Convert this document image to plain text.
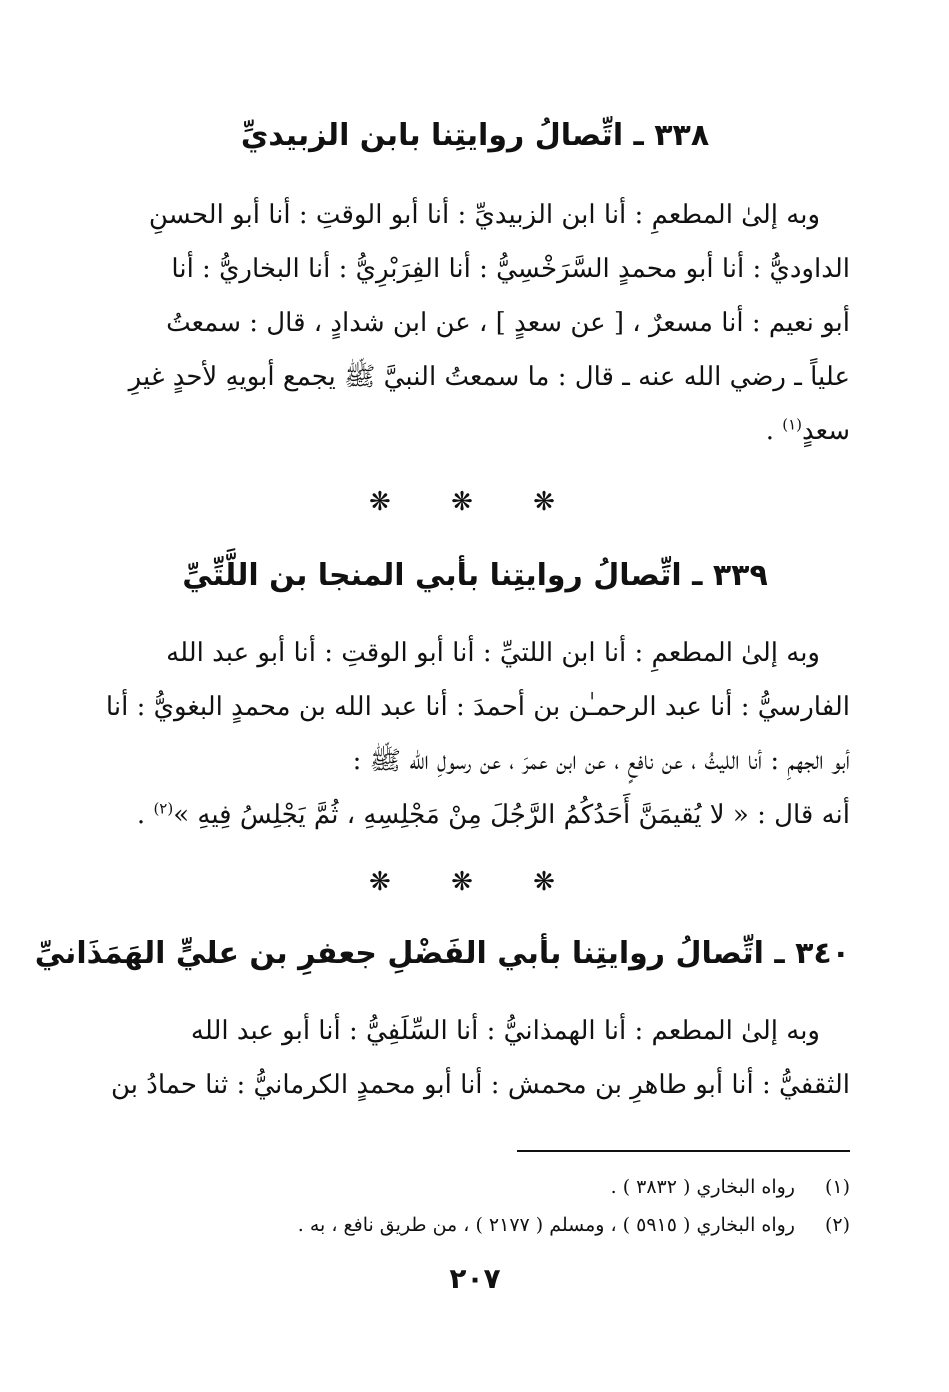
٣٣٨ ـ اتِّصالُ روايتِنا بابن الزبيديِّ
وبه إلىٰ المطعمِ : أنا ابن الزبيديِّ : أنا أبو الوقتِ : أنا أبو الحسنِ
الداوديُّ : أنا أبو محمدٍ السَّرَخْسِيُّ : أنا الفِرَبْرِيُّ : أنا البخاريُّ : أنا
أبو نعيم : أنا مسعرٌ ، [ عن سعدٍ ] ، عن ابن شدادٍ ، قال : سمعتُ
علياً ـ رضي الله عنه ـ قال : ما سمعتُ النبيَّ ﷺ يجمع أبويهِ لأحدٍ غيرِ
سعدٍ$^{(١)}$ .
❋ ❋ ❋
٣٣٩ ـ اتِّصالُ روايتِنا بأبي المنجا بن اللَّتِّيِّ
وبه إلىٰ المطعمِ : أنا ابن اللتيِّ : أنا أبو الوقتِ : أنا أبو عبد الله
الفارسيُّ : أنا عبد الرحمـٰن بن أحمدَ : أنا عبد الله بن محمدٍ البغويُّ : أنا
أبو الجهمِ : أنا الليثُ ، عن نافعٍ ، عن ابن عمرَ ، عن رسولِ الله ﷺ :
أنه قال : « لا يُقيمَنَّ أَحَدُكُمُ الرَّجُلَ مِنْ مَجْلِسِهِ ، ثُمَّ يَجْلِسُ فِيهِ »$^{(٢)}$ .
❋ ❋ ❋
٣٤٠ ـ اتِّصالُ روايتِنا بأبي الفَضْلِ جعفرِ بن عليٍّ الهَمَذَانيِّ
وبه إلىٰ المطعم : أنا الهمذانيُّ : أنا السِّلَفِيُّ : أنا أبو عبد الله
الثقفيُّ : أنا أبو طاهرِ بن محمش : أنا أبو محمدٍ الكرمانيُّ : ثنا حمادُ بن
(١)رواه البخاري ( ٣٨٣٢ ) .
(٢)رواه البخاري ( ٥٩١٥ ) ، ومسلم ( ٢١٧٧ ) ، من طريق نافع ، به .
٢٠٧
